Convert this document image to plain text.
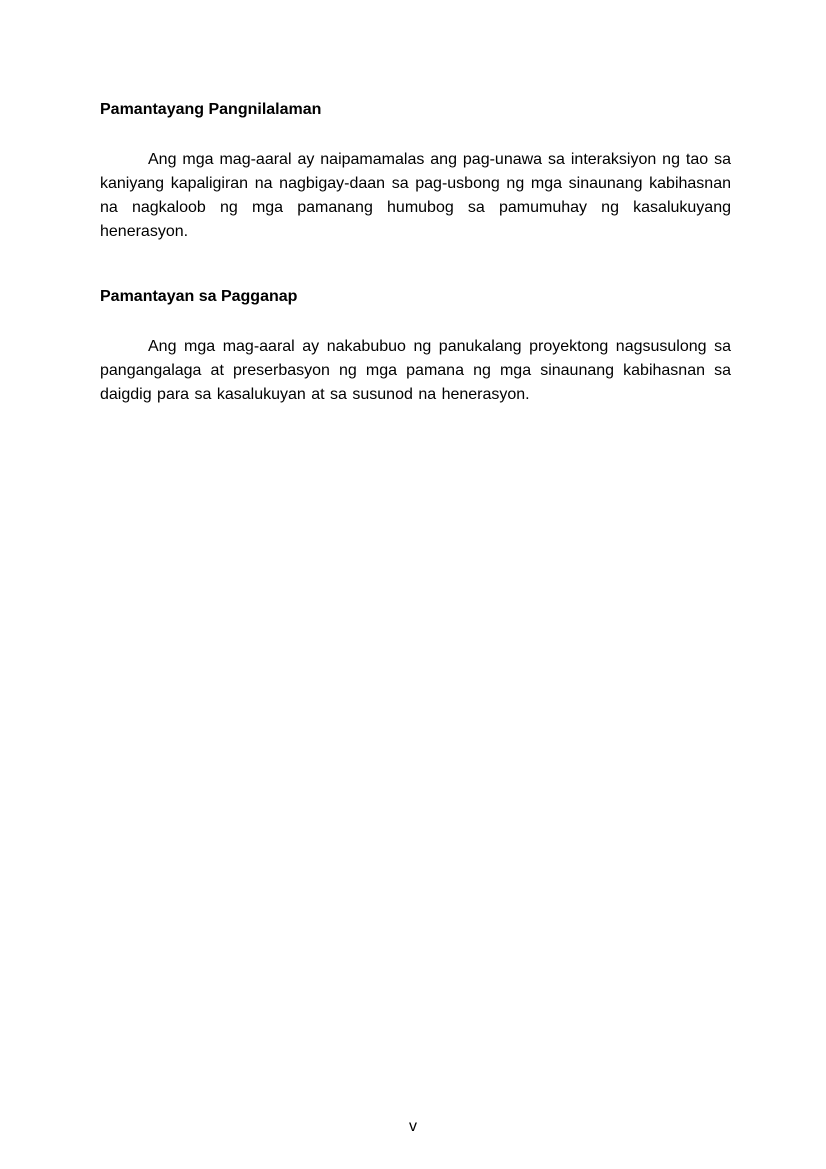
Pamantayang Pangnilalaman

Ang mga mag-aaral ay naipamamalas ang pag-unawa sa interaksiyon ng tao sa kaniyang kapaligiran na nagbigay-daan sa pag-usbong ng mga sinaunang kabihasnan na nagkaloob ng mga pamanang humubog sa pamumuhay ng kasalukuyang henerasyon.

Pamantayan sa Pagganap

Ang mga mag-aaral ay nakabubuo ng panukalang proyektong nagsusulong sa pangangalaga at preserbasyon ng mga pamana ng mga sinaunang kabihasnan sa daigdig para sa kasalukuyan at sa susunod na henerasyon.

v
